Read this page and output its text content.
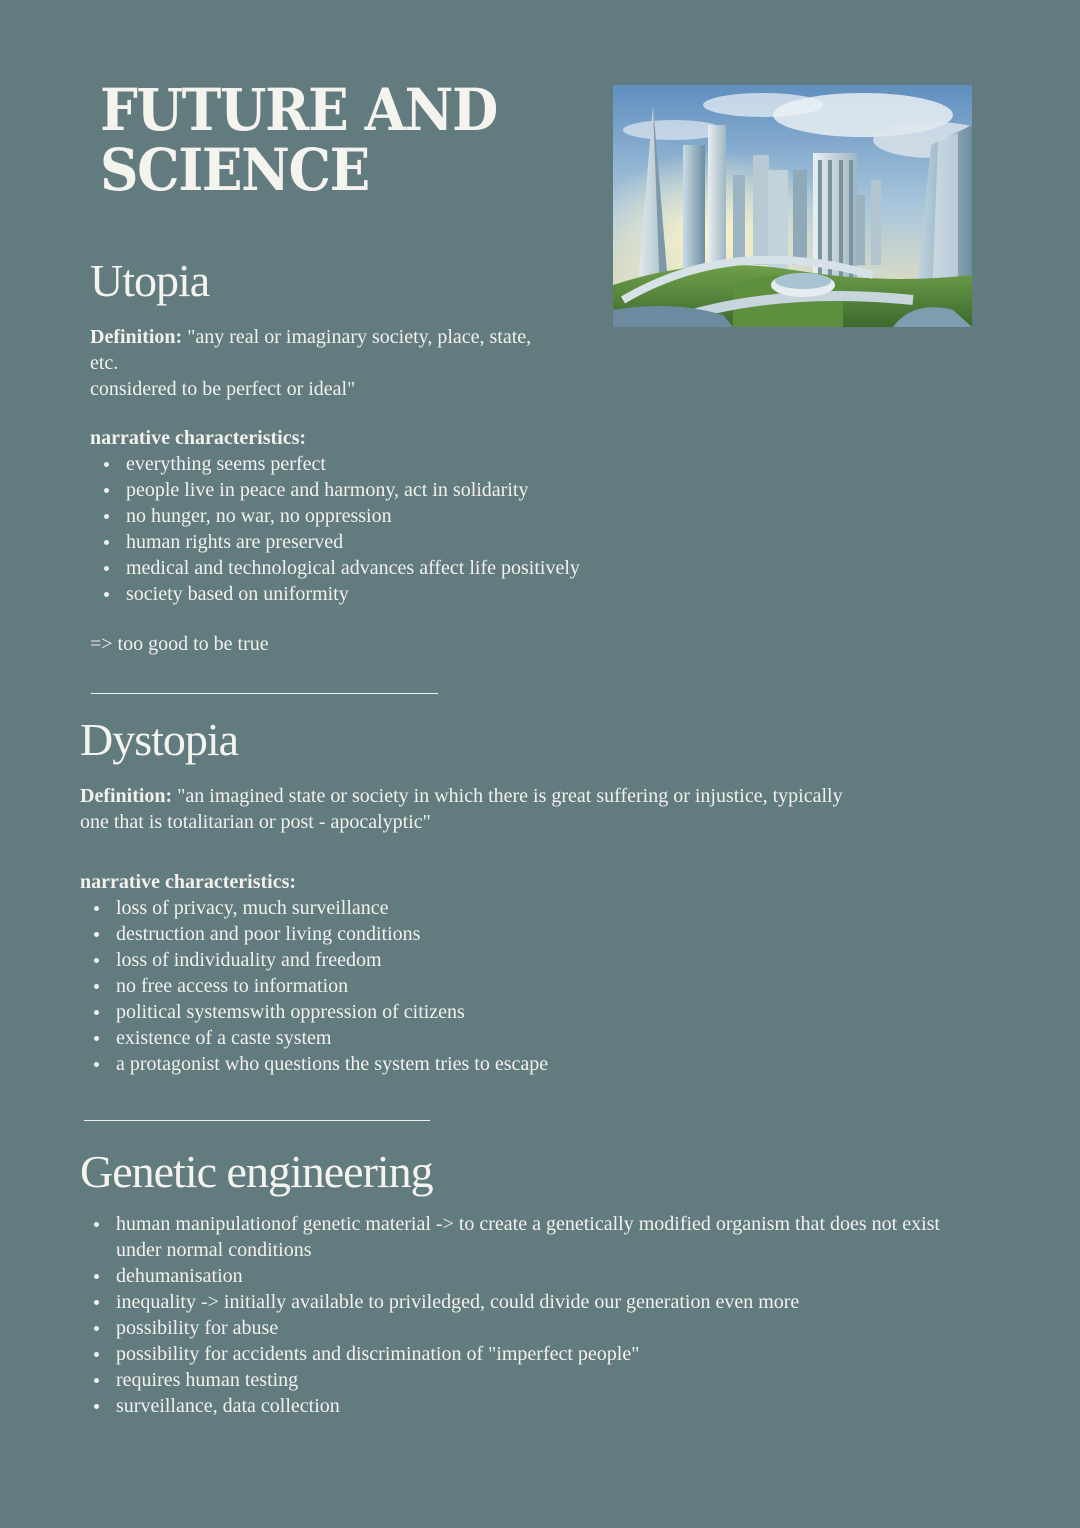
FUTURE AND
SCIENCE
Utopia

Definition: "any real or imaginary society, place, state,
etc.
considered to be perfect or ideal"

narrative characteristics:

everything seems perfect
people live in peace and harmony, act in solidarity
no hunger, no war, no oppression
human rights are preserved
medical and technological advances affect life positively
society based on uniformity

=> too good to be true

Dystopia

Definition: "an imagined state or society in which there is great suffering or injustice, typically
one that is totalitarian or post - apocalyptic"

narrative characteristics:

loss of privacy, much surveillance
destruction and poor living conditions
loss of individuality and freedom
no free access to information
political systemswith oppression of citizens
existence of a caste system
a protagonist who questions the system tries to escape
Genetic engineering
human manipulationof genetic material -> to create a genetically modified organism that does not exist under normal conditions
dehumanisation
inequality -> initially available to priviledged, could divide our generation even more
possibility for abuse
possibility for accidents and discrimination of "imperfect people"
requires human testing
surveillance, data collection
